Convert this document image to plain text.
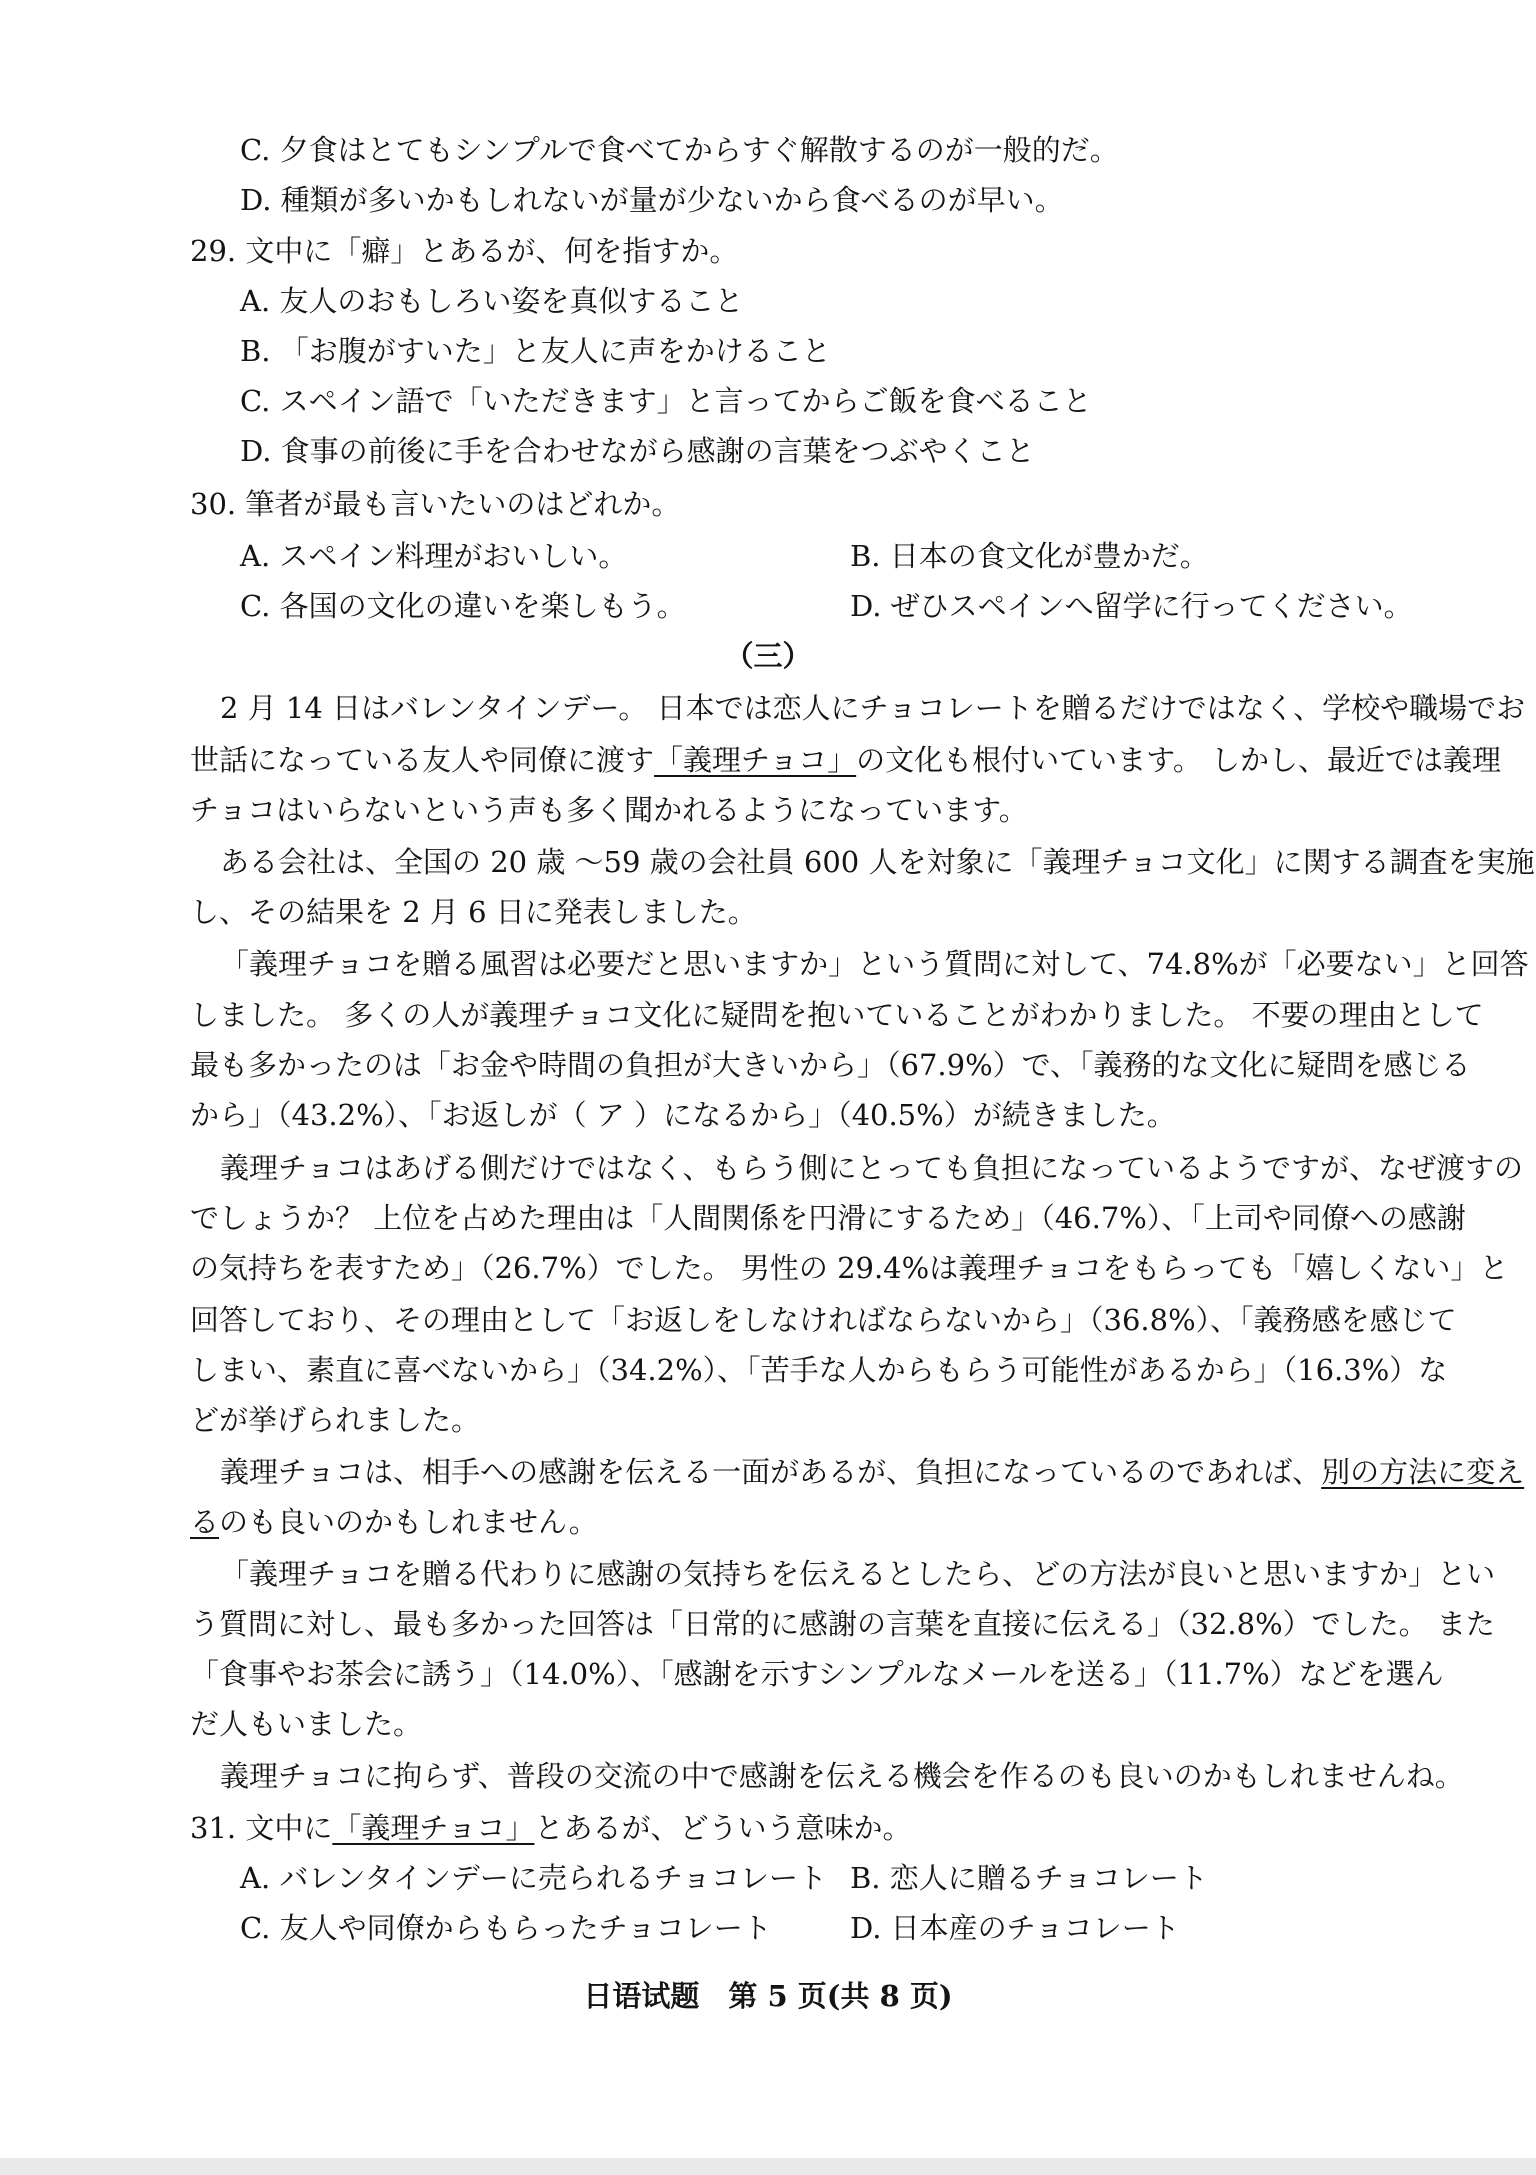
C. 夕食はとてもシンプルで食べてからすぐ解散するのが一般的だ。
D. 種類が多いかもしれないが量が少ないから食べるのが早い。
29. 文中に「癖」とあるが、何を指すか。
A. 友人のおもしろい姿を真似すること
B. 「お腹がすいた」と友人に声をかけること
C. スペイン語で「いただきます」と言ってからご飯を食べること
D. 食事の前後に手を合わせながら感謝の言葉をつぶやくこと
30. 筆者が最も言いたいのはどれか。
A. スペイン料理がおいしい。	B. 日本の食文化が豊かだ。
C. 各国の文化の違いを楽しもう。	D. ぜひスペインへ留学に行ってください。
（三）
2 月 14 日はバレンタインデー。 日本では恋人にチョコレートを贈るだけではなく、学校や職場でお
世話になっている友人や同僚に渡す「義理チョコ」の文化も根付いています。 しかし、最近では義理
チョコはいらないという声も多く聞かれるようになっています。
ある会社は、全国の 20 歳 ～59 歳の会社員 600 人を対象に「義理チョコ文化」に関する調査を実施
し、その結果を 2 月 6 日に発表しました。
「義理チョコを贈る風習は必要だと思いますか」という質問に対して、74.8%が「必要ない」と回答
しました。 多くの人が義理チョコ文化に疑問を抱いていることがわかりました。 不要の理由として
最も多かったのは「お金や時間の負担が大きいから」（67.9%）で、「義務的な文化に疑問を感じる
から」（43.2%）、「お返しが（ ア ）になるから」（40.5%）が続きました。
義理チョコはあげる側だけではなく、もらう側にとっても負担になっているようですが、なぜ渡すの
でしょうか？ 上位を占めた理由は「人間関係を円滑にするため」（46.7%）、「上司や同僚への感謝
の気持ちを表すため」（26.7%）でした。 男性の 29.4%は義理チョコをもらっても「嬉しくない」と
回答しており、その理由として「お返しをしなければならないから」（36.8%）、「義務感を感じて
しまい、素直に喜べないから」（34.2%）、「苦手な人からもらう可能性があるから」（16.3%）な
どが挙げられました。
義理チョコは、相手への感謝を伝える一面があるが、負担になっているのであれば、別の方法に変え
るのも良いのかもしれません。
「義理チョコを贈る代わりに感謝の気持ちを伝えるとしたら、どの方法が良いと思いますか」とい
う質問に対し、最も多かった回答は「日常的に感謝の言葉を直接に伝える」（32.8%）でした。 また
「食事やお茶会に誘う」（14.0%）、「感謝を示すシンプルなメールを送る」（11.7%）などを選ん
だ人もいました。
義理チョコに拘らず、普段の交流の中で感謝を伝える機会を作るのも良いのかもしれませんね。
31. 文中に「義理チョコ」とあるが、どういう意味か。
A. バレンタインデーに売られるチョコレート B. 恋人に贈るチョコレート
C. 友人や同僚からもらったチョコレート	D. 日本産のチョコレート
日语试题　第 5 页(共 8 页)
